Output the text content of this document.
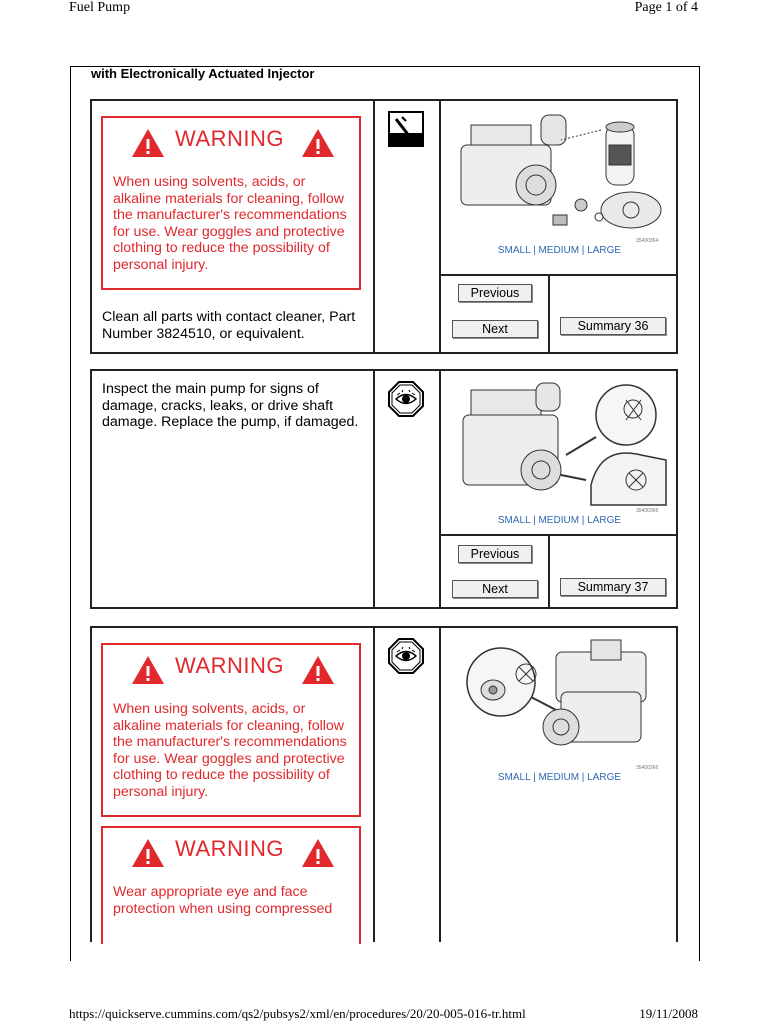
Fuel Pump	Page 1 of 4
with Electronically Actuated Injector
WARNING
When using solvents, acids, or alkaline materials for cleaning, follow the manufacturer's recommendations for use. Wear goggles and protective clothing to reduce the possibility of personal injury.
Clean all parts with contact cleaner, Part Number 3824510, or equivalent.
35400364
SMALL | MEDIUM | LARGE
Previous
Next	Summary 36
Inspect the main pump for signs of damage, cracks, leaks, or drive shaft damage. Replace the pump, if damaged.
35400366
SMALL | MEDIUM | LARGE
Previous
Next	Summary 37
WARNING
When using solvents, acids, or alkaline materials for cleaning, follow the manufacturer's recommendations for use. Wear goggles and protective clothing to reduce the possibility of personal injury.
WARNING
Wear appropriate eye and face protection when using compressed
35400366
SMALL | MEDIUM | LARGE
https://quickserve.cummins.com/qs2/pubsys2/xml/en/procedures/20/20-005-016-tr.html	19/11/2008
